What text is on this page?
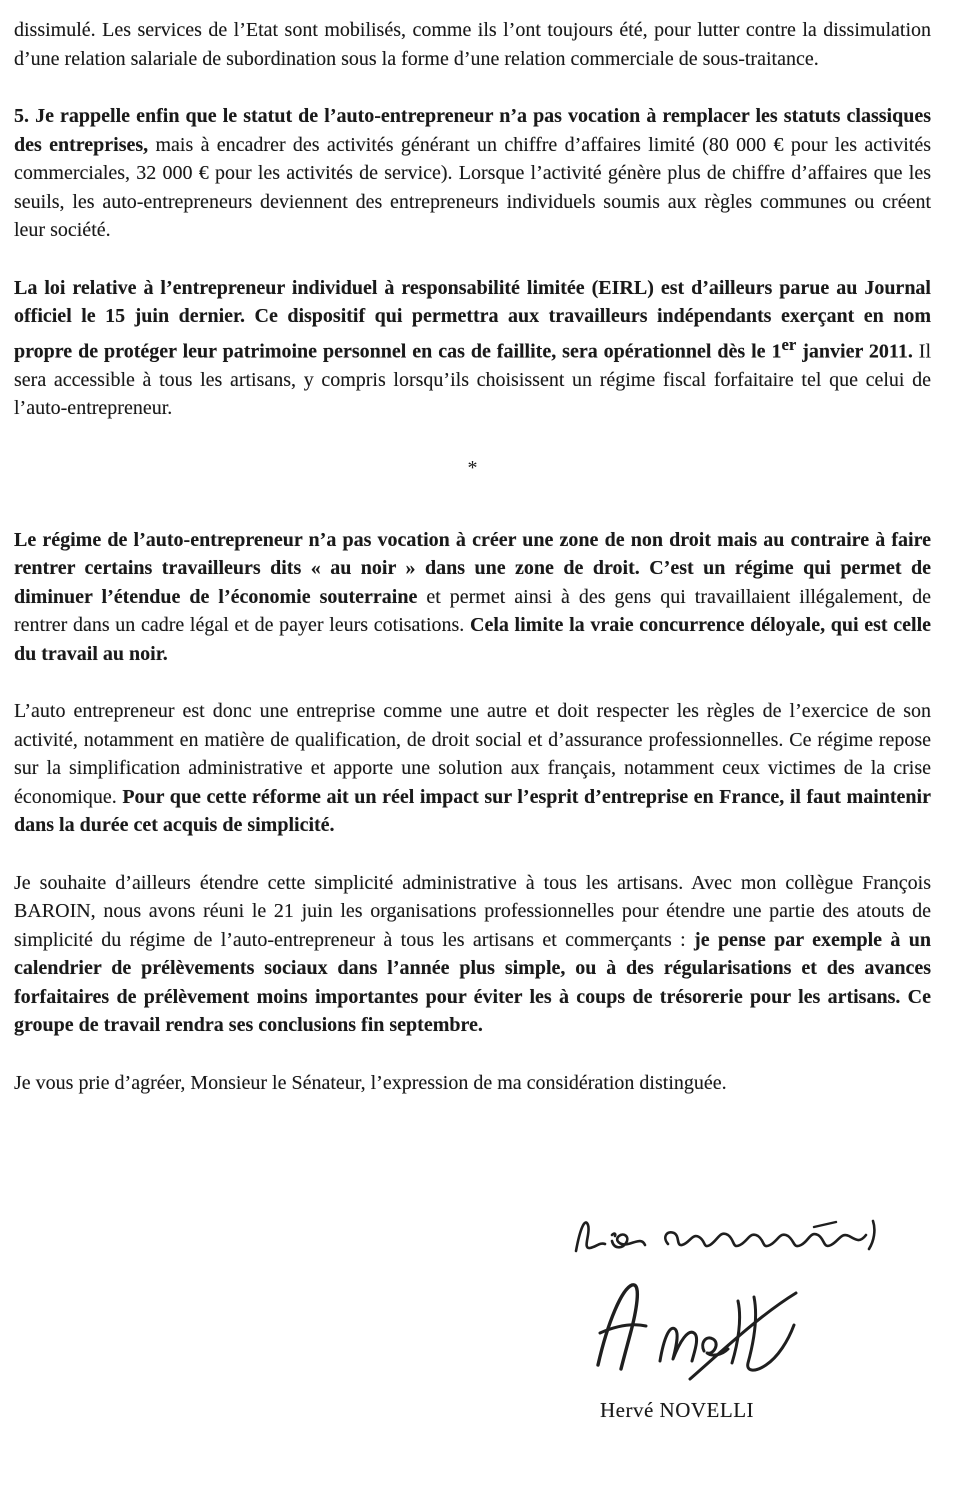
dissimulé. Les services de l’Etat sont mobilisés, comme ils l’ont toujours été, pour lutter contre la dissimulation d’une relation salariale de subordination sous la forme d’une relation commerciale de sous-traitance.

5. Je rappelle enfin que le statut de l’auto-entrepreneur n’a pas vocation à remplacer les statuts classiques des entreprises, mais à encadrer des activités générant un chiffre d’affaires limité (80 000 € pour les activités commerciales, 32 000 € pour les activités de service). Lorsque l’activité génère plus de chiffre d’affaires que les seuils, les auto-entrepreneurs deviennent des entrepreneurs individuels soumis aux règles communes ou créent leur société.

La loi relative à l’entrepreneur individuel à responsabilité limitée (EIRL) est d’ailleurs parue au Journal officiel le 15 juin dernier. Ce dispositif qui permettra aux travailleurs indépendants exerçant en nom propre de protéger leur patrimoine personnel en cas de faillite, sera opérationnel dès le 1er janvier 2011. Il sera accessible à tous les artisans, y compris lorsqu’ils choisissent un régime fiscal forfaitaire tel que celui de l’auto-entrepreneur.

*

Le régime de l’auto-entrepreneur n’a pas vocation à créer une zone de non droit mais au contraire à faire rentrer certains travailleurs dits « au noir » dans une zone de droit. C’est un régime qui permet de diminuer l’étendue de l’économie souterraine et permet ainsi à des gens qui travaillaient illégalement, de rentrer dans un cadre légal et de payer leurs cotisations. Cela limite la vraie concurrence déloyale, qui est celle du travail au noir.

L’auto entrepreneur est donc une entreprise comme une autre et doit respecter les règles de l’exercice de son activité, notamment en matière de qualification, de droit social et d’assurance professionnelles. Ce régime repose sur la simplification administrative et apporte une solution aux français, notamment ceux victimes de la crise économique. Pour que cette réforme ait un réel impact sur l’esprit d’entreprise en France, il faut maintenir dans la durée cet acquis de simplicité.

Je souhaite d’ailleurs étendre cette simplicité administrative à tous les artisans. Avec mon collègue François BAROIN, nous avons réuni le 21 juin les organisations professionnelles pour étendre une partie des atouts de simplicité du régime de l’auto-entrepreneur à tous les artisans et commerçants : je pense par exemple à un calendrier de prélèvements sociaux dans l’année plus simple, ou à des régularisations et des avances forfaitaires de prélèvement moins importantes pour éviter les à coups de trésorerie pour les artisans. Ce groupe de travail rendra ses conclusions fin septembre.

Je vous prie d’agréer, Monsieur le Sénateur, l’expression de ma considération distinguée.

Hervé NOVELLI
